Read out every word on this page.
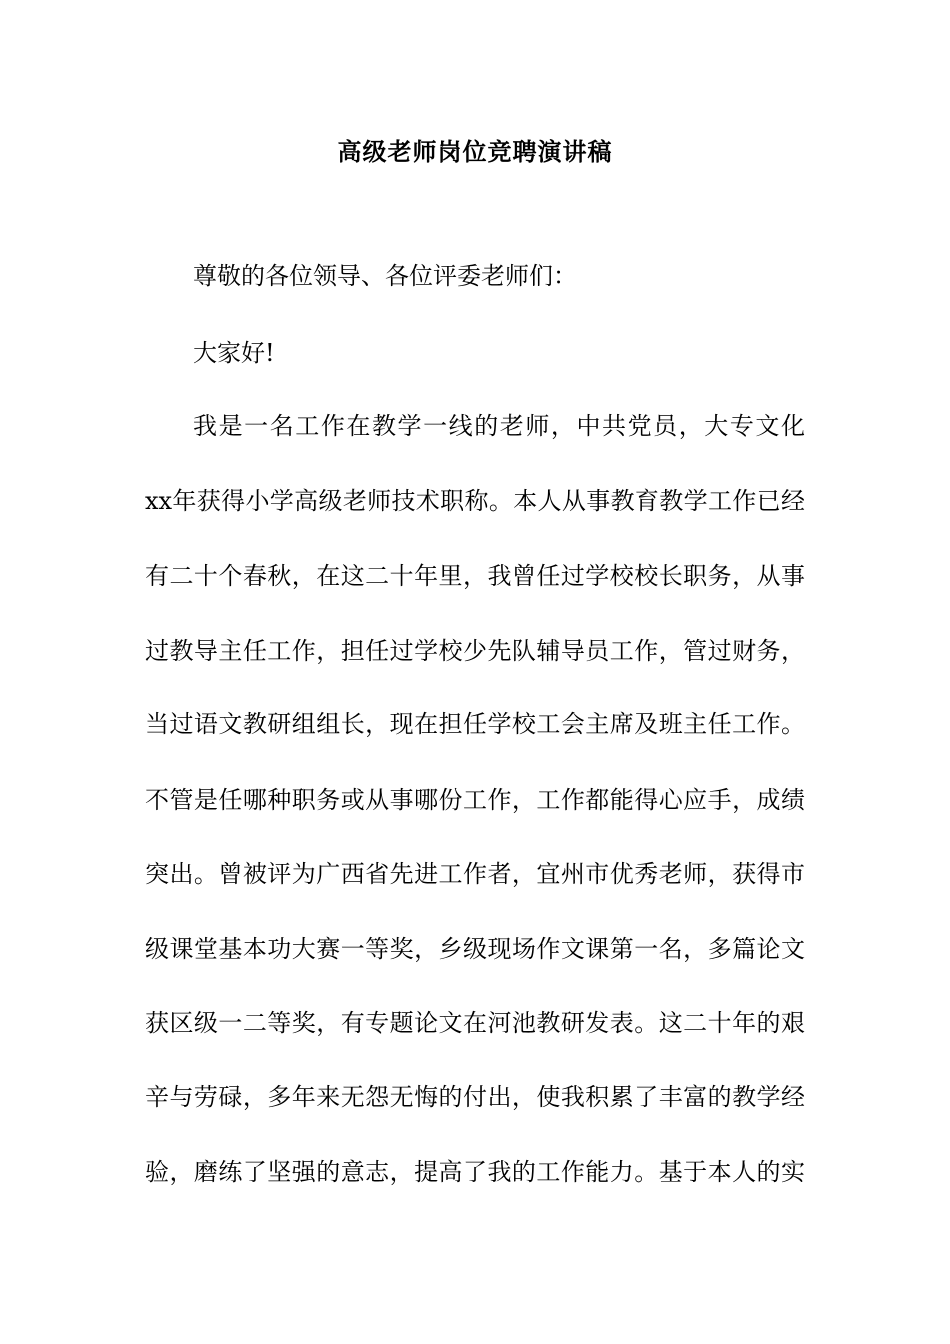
高级老师岗位竞聘演讲稿
尊敬的各位领导、各位评委老师们：
大家好!
我是一名工作在教学一线的老师，中共党员，大专文化
xx年获得小学高级老师技术职称。本人从事教育教学工作已经
有二十个春秋，在这二十年里，我曾任过学校校长职务，从事
过教导主任工作，担任过学校少先队辅导员工作，管过财务，
当过语文教研组组长，现在担任学校工会主席及班主任工作。
不管是任哪种职务或从事哪份工作，工作都能得心应手，成绩
突出。曾被评为广西省先进工作者，宜州市优秀老师，获得市
级课堂基本功大赛一等奖，乡级现场作文课第一名，多篇论文
获区级一二等奖，有专题论文在河池教研发表。这二十年的艰
辛与劳碌，多年来无怨无悔的付出，使我积累了丰富的教学经
验，磨练了坚强的意志，提高了我的工作能力。基于本人的实
